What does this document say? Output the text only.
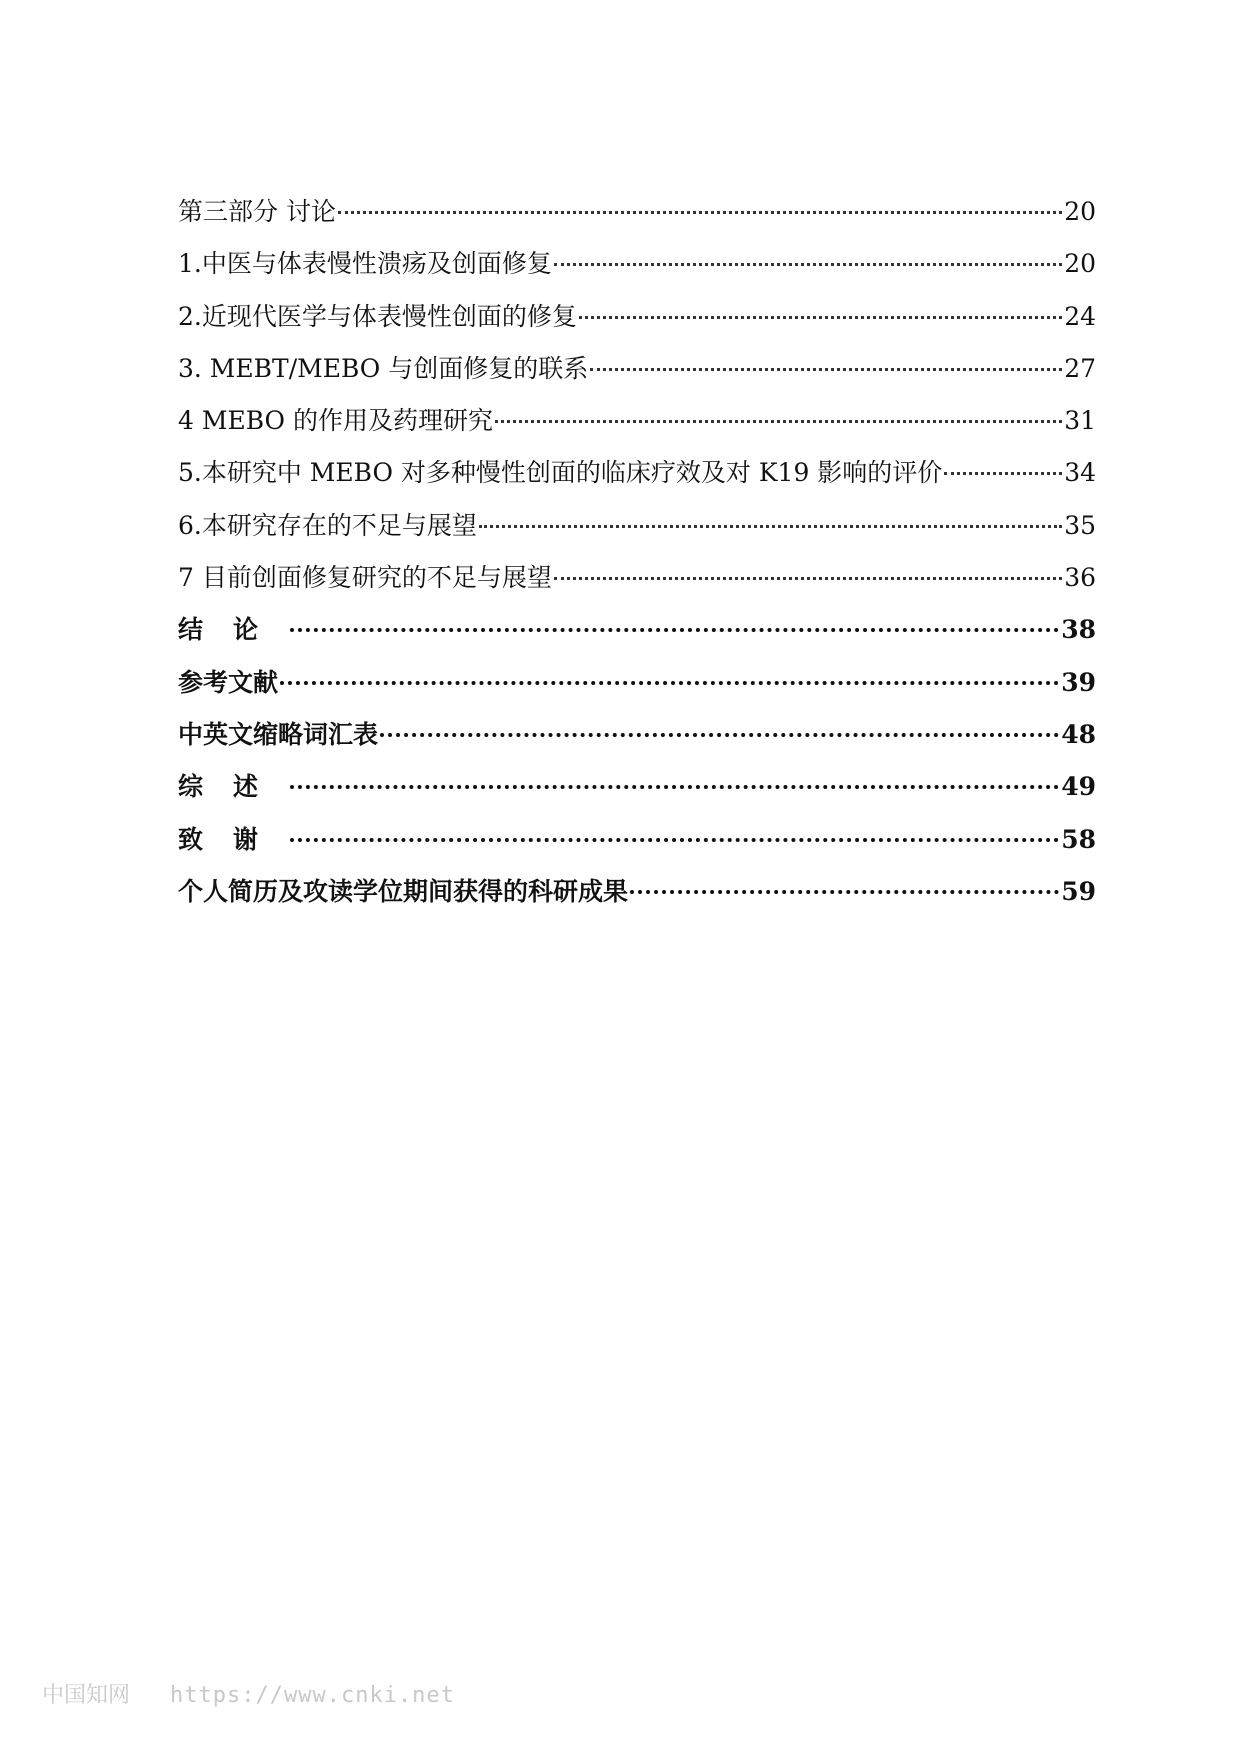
第三部分 讨论	20
1.中医与体表慢性溃疡及创面修复	20
2.近现代医学与体表慢性创面的修复	24
3. MEBT/MEBO 与创面修复的联系	27
4 MEBO 的作用及药理研究	31
5.本研究中 MEBO 对多种慢性创面的临床疗效及对 K19 影响的评价	34
6.本研究存在的不足与展望	35
7 目前创面修复研究的不足与展望	36
结论	38
参考文献	39
中英文缩略词汇表	48
综述	49
致谢	58
个人简历及攻读学位期间获得的科研成果	59
中国知网 https://www.cnki.net
